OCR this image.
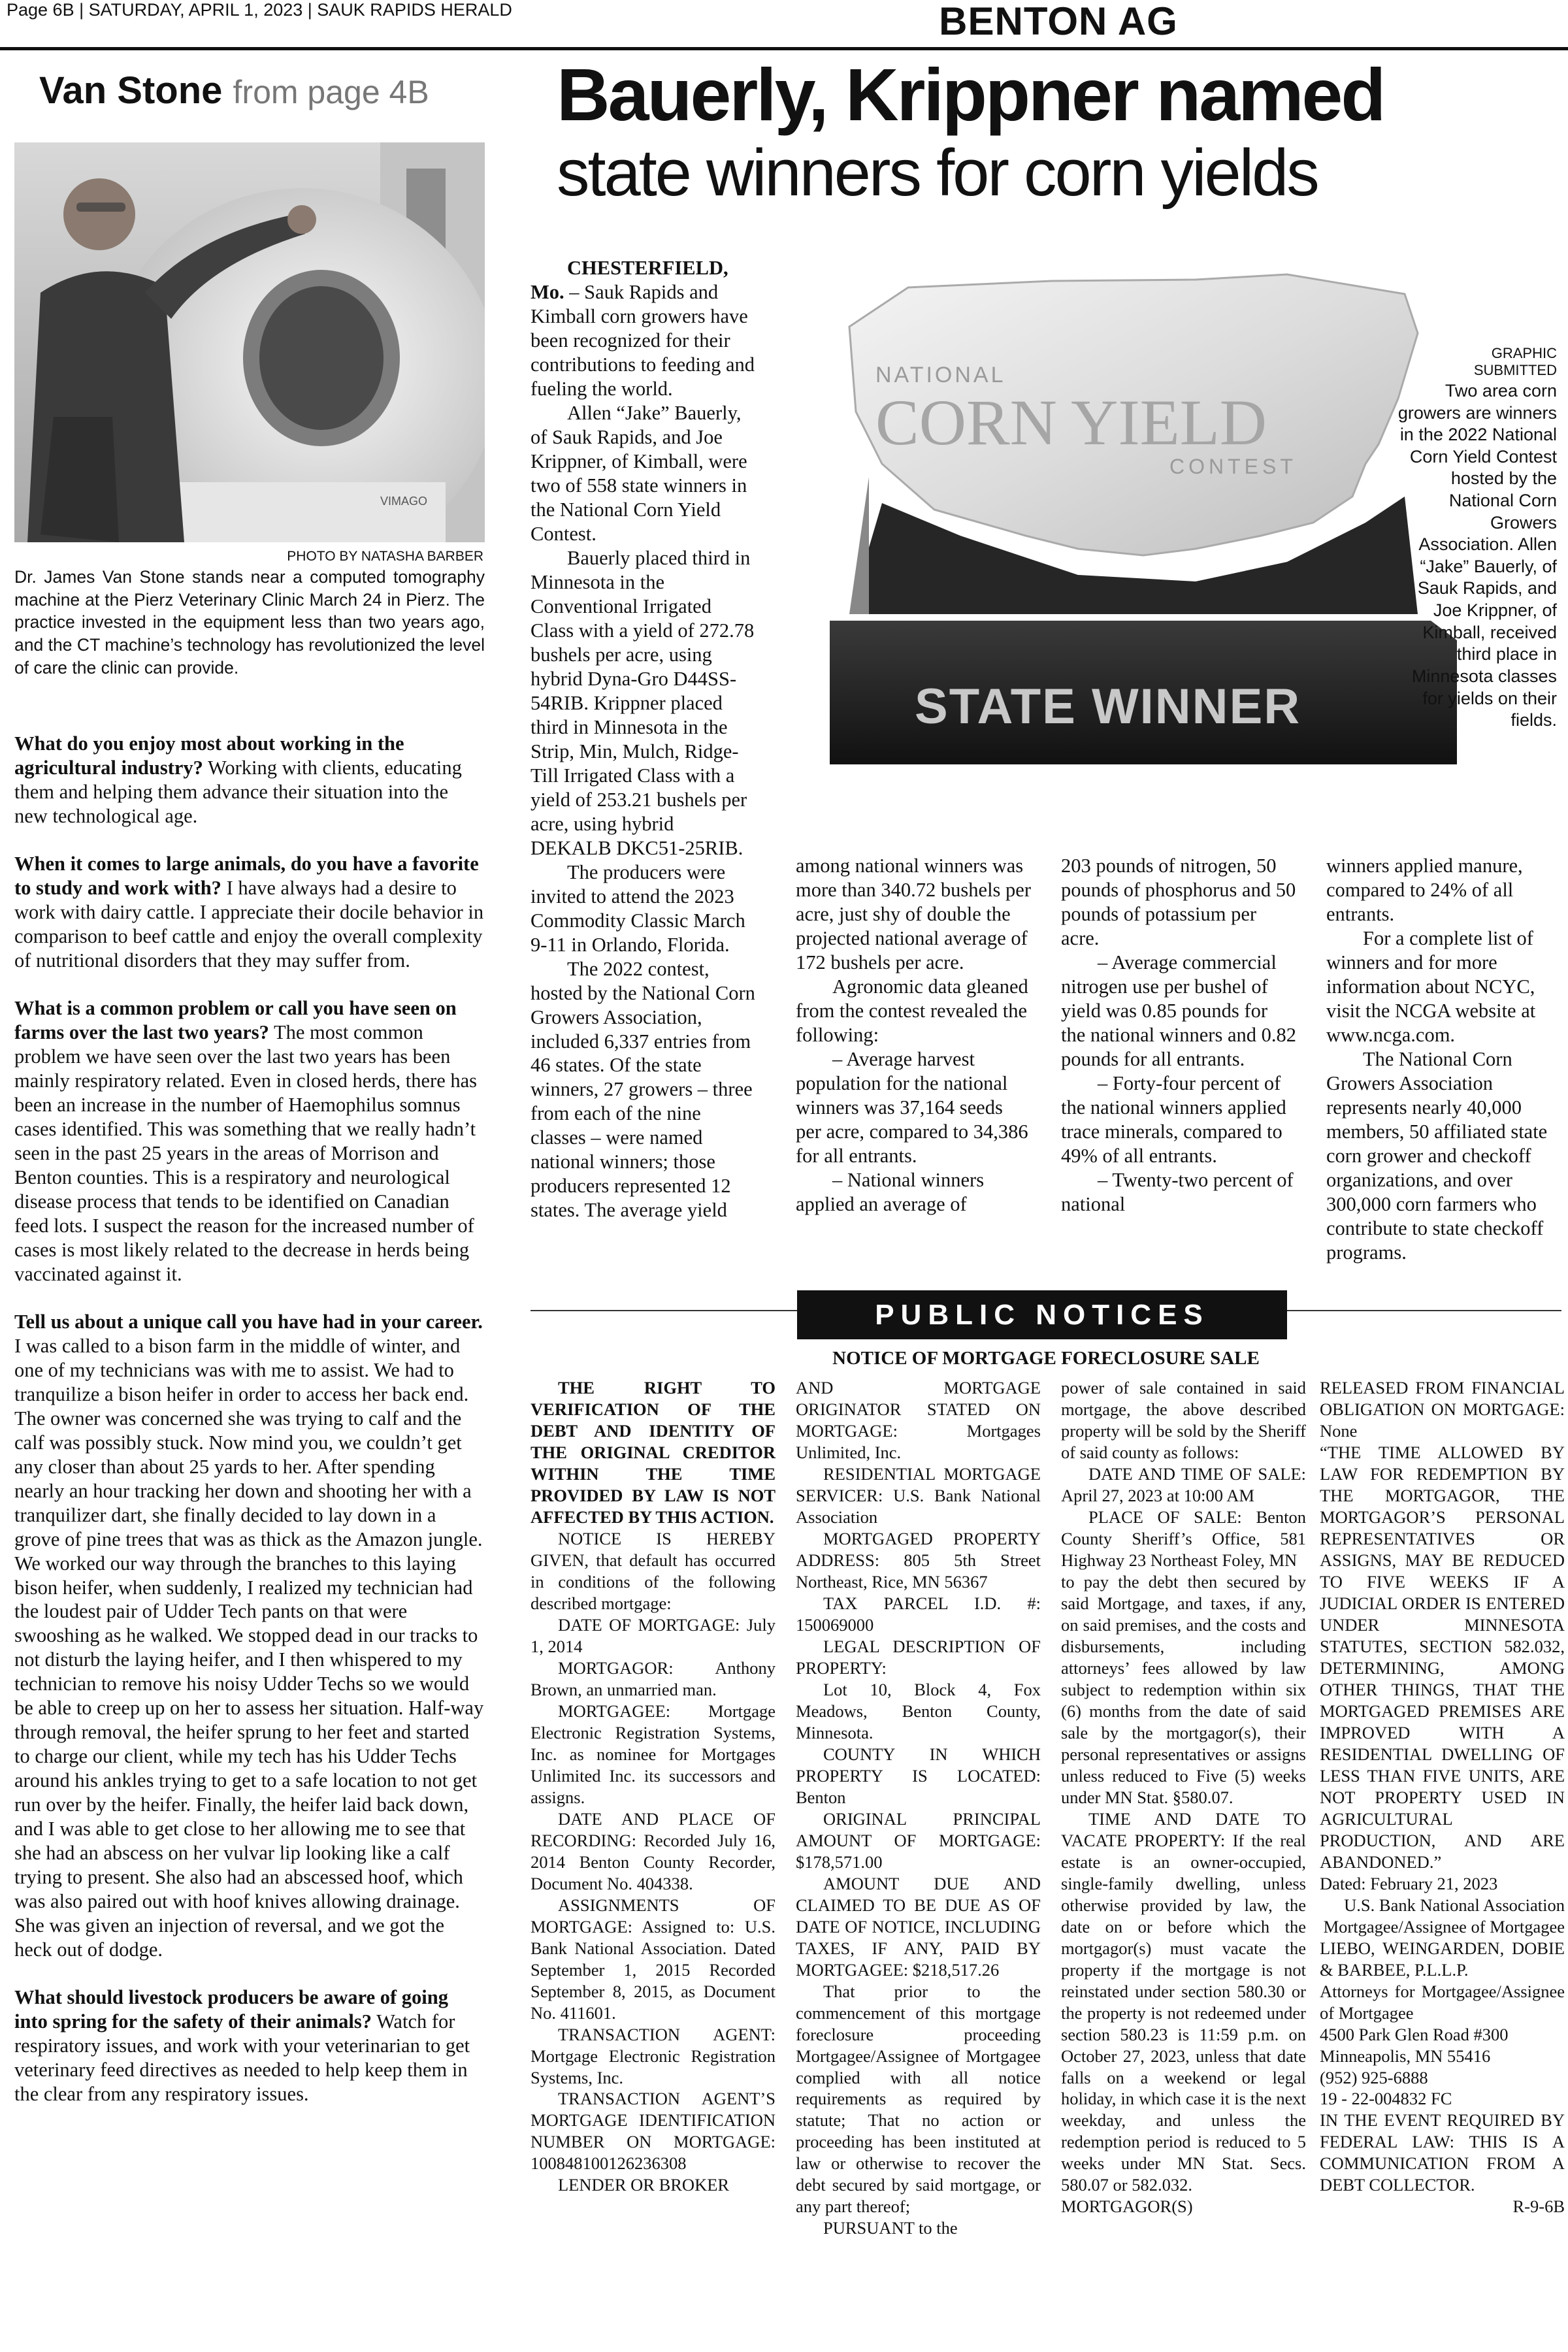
Page 6B | SATURDAY, APRIL 1, 2023 | SAUK RAPIDS HERALD	BENTON AG
Van Stone from page 4B
VIMAGO
PHOTO BY NATASHA BARBER
Dr. James Van Stone stands near a computed tomography machine at the Pierz Veterinary Clinic March 24 in Pierz. The practice invested in the equipment less than two years ago, and the CT machine’s technology has revolutionized the level of care the clinic can provide.

What do you enjoy most about working in the agricultural industry? Working with clients, educating them and helping them advance their situation into the new technological age.

When it comes to large animals, do you have a favorite to study and work with? I have always had a desire to work with dairy cattle. I appreciate their docile behavior in comparison to beef cattle and enjoy the overall complexity of nutritional disorders that they may suffer from.

What is a common problem or call you have seen on farms over the last two years? The most common problem we have seen over the last two years has been mainly respiratory related. Even in closed herds, there has been an increase in the number of Haemophilus somnus cases identified. This was something that we really hadn’t seen in the past 25 years in the areas of Morrison and Benton counties. This is a respiratory and neurological disease process that tends to be identified on Canadian feed lots. I suspect the reason for the increased number of cases is most likely related to the decrease in herds being vaccinated against it.

Tell us about a unique call you have had in your career. I was called to a bison farm in the middle of winter, and one of my technicians was with me to assist. We had to tranquilize a bison heifer in order to access her back end. The owner was concerned she was trying to calf and the calf was possibly stuck. Now mind you, we couldn’t get any closer than about 25 yards to her. After spending nearly an hour tracking her down and shooting her with a tranquilizer dart, she finally decided to lay down in a grove of pine trees that was as thick as the Amazon jungle. We worked our way through the branches to this laying bison heifer, when suddenly, I realized my technician had the loudest pair of Udder Tech pants on that were swooshing as he walked. We stopped dead in our tracks to not disturb the laying heifer, and I then whispered to my technician to remove his noisy Udder Techs so we would be able to creep up on her to assess her situation. Half-way through removal, the heifer sprung to her feet and started to charge our client, while my tech has his Udder Techs around his ankles trying to get to a safe location to not get run over by the heifer. Finally, the heifer laid back down, and I was able to get close to her allowing me to see that she had an abscess on her vulvar lip looking like a calf trying to present. She also had an abscessed hoof, which was also paired out with hoof knives allowing drainage. She was given an injection of reversal, and we got the heck out of dodge.

What should livestock producers be aware of going into spring for the safety of their animals? Watch for respiratory issues, and work with your veterinarian to get veterinary feed directives as needed to help keep them in the clear from any respiratory issues.

Bauerly, Krippner named
state winners for corn yields

CHESTERFIELD, Mo. – Sauk Rapids and Kimball corn growers have been recognized for their contributions to feeding and fueling the world.

Allen “Jake” Bauerly, of Sauk Rapids, and Joe Krippner, of Kimball, were two of 558 state winners in the National Corn Yield Contest.

Bauerly placed third in Minnesota in the Conventional Irrigated Class with a yield of 272.78 bushels per acre, using hybrid Dyna-Gro D44SS-54RIB. Krippner placed third in Minnesota in the Strip, Min, Mulch, Ridge-Till Irrigated Class with a yield of 253.21 bushels per acre, using hybrid DEKALB DKC51-25RIB.

The producers were invited to attend the 2023 Commodity Classic March 9-11 in Orlando, Florida.

The 2022 contest, hosted by the National Corn Growers Association, included 6,337 entries from 46 states. Of the state winners, 27 growers – three from each of the nine classes – were named national winners; those producers represented 12 states. The average yield

NATIONAL
CORN YIELD
CONTEST
STATE WINNER
GRAPHIC SUBMITTED
Two area corn growers are winners in the 2022 National Corn Yield Contest hosted by the National Corn Growers Association. Allen “Jake” Bauerly, of Sauk Rapids, and Joe Krippner, of Kimball, received third place in Minnesota classes for yields on their fields.

among national winners was more than 340.72 bushels per acre, just shy of double the projected national average of 172 bushels per acre.

Agronomic data gleaned from the contest revealed the following:

– Average harvest population for the national winners was 37,164 seeds per acre, compared to 34,386 for all entrants.

– National winners applied an average of

203 pounds of nitrogen, 50 pounds of phosphorus and 50 pounds of potassium per acre.

– Average commercial nitrogen use per bushel of yield was 0.85 pounds for the national winners and 0.82 pounds for all entrants.

– Forty-four percent of the national winners applied trace minerals, compared to 49% of all entrants.

– Twenty-two percent of national

winners applied manure, compared to 24% of all entrants.

For a complete list of winners and for more information about NCYC, visit the NCGA website at www.ncga.com.

The National Corn Growers Association represents nearly 40,000 members, 50 affiliated state corn grower and checkoff organizations, and over 300,000 corn farmers who contribute to state checkoff programs.

PUBLIC NOTICES
NOTICE OF MORTGAGE FORECLOSURE SALE

THE RIGHT TO VERIFICATION OF THE DEBT AND IDENTITY OF THE ORIGINAL CREDITOR WITHIN THE TIME PROVIDED BY LAW IS NOT AFFECTED BY THIS ACTION.

NOTICE IS HEREBY GIVEN, that default has occurred in conditions of the following described mortgage:

DATE OF MORTGAGE: July 1, 2014

MORTGAGOR: Anthony Brown, an unmarried man.

MORTGAGEE: Mortgage Electronic Registration Systems, Inc. as nominee for Mortgages Unlimited Inc. its successors and assigns.

DATE AND PLACE OF RECORDING: Recorded July 16, 2014 Benton County Recorder, Document No. 404338.

ASSIGNMENTS OF MORTGAGE: Assigned to: U.S. Bank National Association. Dated September 1, 2015 Recorded September 8, 2015, as Document No. 411601.

TRANSACTION AGENT: Mortgage Electronic Registration Systems, Inc.

TRANSACTION AGENT’S MORTGAGE IDENTIFICATION NUMBER ON MORTGAGE: 100848100126236308

LENDER OR BROKER

AND MORTGAGE ORIGINATOR STATED ON MORTGAGE: Mortgages Unlimited, Inc.

RESIDENTIAL MORTGAGE SERVICER: U.S. Bank National Association

MORTGAGED PROPERTY ADDRESS: 805 5th Street Northeast, Rice, MN 56367

TAX PARCEL I.D. #: 150069000

LEGAL DESCRIPTION OF PROPERTY:

Lot 10, Block 4, Fox Meadows, Benton County, Minnesota.

COUNTY IN WHICH PROPERTY IS LOCATED: Benton

ORIGINAL PRINCIPAL AMOUNT OF MORTGAGE: $178,571.00

AMOUNT DUE AND CLAIMED TO BE DUE AS OF DATE OF NOTICE, INCLUDING TAXES, IF ANY, PAID BY MORTGAGEE: $218,517.26

That prior to the commencement of this mortgage foreclosure proceeding Mortgagee/Assignee of Mortgagee complied with all notice requirements as required by statute; That no action or proceeding has been instituted at law or otherwise to recover the debt secured by said mortgage, or any part thereof;

PURSUANT to the

power of sale contained in said mortgage, the above described property will be sold by the Sheriff of said county as follows:

DATE AND TIME OF SALE: April 27, 2023 at 10:00 AM

PLACE OF SALE: Benton County Sheriff’s Office, 581 Highway 23 Northeast Foley, MN

to pay the debt then secured by said Mortgage, and taxes, if any, on said premises, and the costs and disbursements, including attorneys’ fees allowed by law subject to redemption within six (6) months from the date of said sale by the mortgagor(s), their personal representatives or assigns unless reduced to Five (5) weeks under MN Stat. §580.07.

TIME AND DATE TO VACATE PROPERTY: If the real estate is an owner-occupied, single-family dwelling, unless otherwise provided by law, the date on or before which the mortgagor(s) must vacate the property if the mortgage is not reinstated under section 580.30 or the property is not redeemed under section 580.23 is 11:59 p.m. on October 27, 2023, unless that date falls on a weekend or legal holiday, in which case it is the next weekday, and unless the redemption period is reduced to 5 weeks under MN Stat. Secs. 580.07 or 582.032.

MORTGAGOR(S)

RELEASED FROM FINANCIAL OBLIGATION ON MORTGAGE: None

“THE TIME ALLOWED BY LAW FOR REDEMPTION BY THE MORTGAGOR, THE MORTGAGOR’S PERSONAL REPRESENTATIVES OR ASSIGNS, MAY BE REDUCED TO FIVE WEEKS IF A JUDICIAL ORDER IS ENTERED UNDER MINNESOTA STATUTES, SECTION 582.032, DETERMINING, AMONG OTHER THINGS, THAT THE MORTGAGED PREMISES ARE IMPROVED WITH A RESIDENTIAL DWELLING OF LESS THAN FIVE UNITS, ARE NOT PROPERTY USED IN AGRICULTURAL PRODUCTION, AND ARE ABANDONED.”

Dated: February 21, 2023

U.S. Bank National Association

Mortgagee/Assignee of Mortgagee

LIEBO, WEINGARDEN, DOBIE & BARBEE, P.L.L.P.

Attorneys for Mortgagee/Assignee of Mortgagee

4500 Park Glen Road #300

Minneapolis, MN 55416

(952) 925-6888

19 - 22-004832 FC

IN THE EVENT REQUIRED BY FEDERAL LAW: THIS IS A COMMUNICATION FROM A DEBT COLLECTOR.

R-9-6B
